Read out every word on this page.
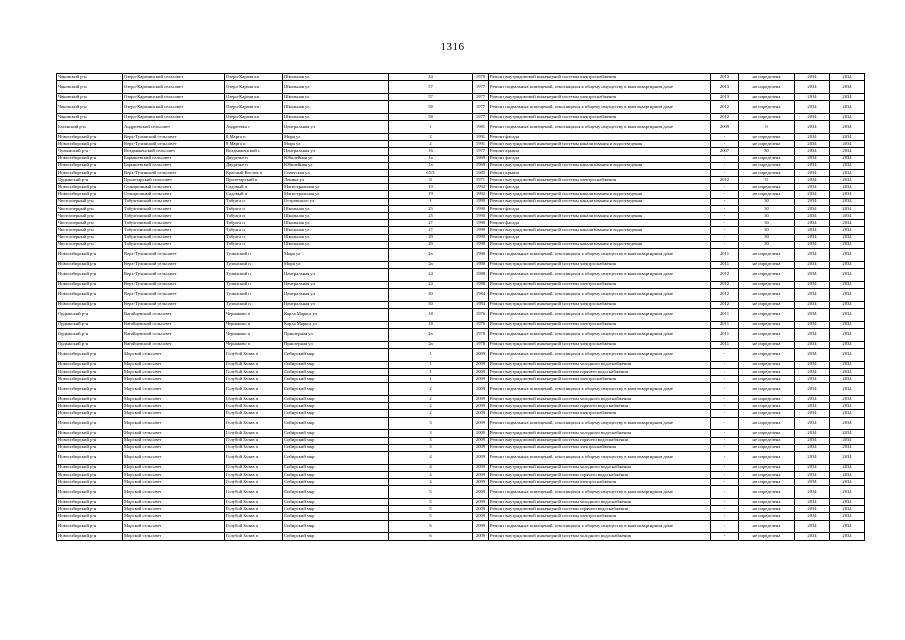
1316
Чановский р-н	Озеро-Карачинский сельсовет	Озеро-Карачи кп	Школьная ул	34	1970	Ремонт внутридомовой инженерной системы электроснабжения	2013	не определена	2034	2034
Чановский р-н	Озеро-Карачинский сельсовет	Озеро-Карачи кп	Школьная ул	57	1977	Ремонт подвальных помещений, относящихся к общему имуществу в многоквартирном доме	2013	не определена	2034	2034
Чановский р-н	Озеро-Карачинский сельсовет	Озеро-Карачи кп	Школьная ул	57	1977	Ремонт внутридомовой инженерной системы электроснабжения	2013	не определена	2034	2034
Чановский р-н	Озеро-Карачинский сельсовет	Озеро-Карачи кп	Школьная ул	58	1977	Ремонт подвальных помещений, относящихся к общему имуществу в многоквартирном доме	2012	не определена	2034	2034
Чановский р-н	Озеро-Карачинский сельсовет	Озеро-Карачи кп	Школьная ул	58	1977	Ремонт внутридомовой инженерной системы электроснабжения	2012	не определена	2034	2034
Баганский р-н	Андреевский сельсовет	Андреевка с	Центральная ул	1	1981	Ремонт подвальных помещений, относящихся к общему имуществу в многоквартирном доме	2009	0	2034	2034
Новосибирский р-н	Верх-Тулинский сельсовет	8 Марта п	Мира ул	2	1991	Ремонт фасада	-	не определена	2034	2034
Новосибирский р-н	Верх-Тулинский сельсовет	8 Марта п	Мира ул	2	1991	Ремонт внутридомовой инженерной системы канализования и водоотведения	-	не определена	2034	2034
Чулымский р-н	Воздвиженский сельсовет	Воздвиженский с	Центральная ул	16	1977	Ремонт крыши	2007	30	2034	2034
Новосибирский р-н	Барышевский сельсовет	Двуречье п	Юбилейная ул	1а	1969	Ремонт фасада	-	не определена	2034	2034
Новосибирский р-н	Барышевский сельсовет	Двуречье п	Юбилейная ул	1а	1969	Ремонт внутридомовой инженерной системы канализования и водоотведения	-	не определена	2034	2034
Новосибирский р-н	Верх-Тулинский сельсовет	Красный Восток п	Советская ул	65/3	1985	Ремонт крыши	-	не определена	2034	2034
Ордынский р-н	Пролетарский сельсовет	Пролетарский п	Ленина ул	8	1971	Ремонт внутридомовой инженерной системы электроснабжения	2012	0	2034	2034
Новосибирский р-н	Станционный сельсовет	Садовый п	Магистральная ул	19	1992	Ремонт фасада	-	не определена	2034	2034
Новосибирский р-н	Станционный сельсовет	Садовый п	Магистральная ул	19	1992	Ремонт внутридомовой инженерной системы канализования и водоотведения	-	не определена	2034	2034
Чистоозерный р-н	Табулгинский сельсовет	Табулга п	Островского ул	1	1990	Ремонт внутридомовой инженерной системы канализования и водоотведения	-	30	2034	2034
Чистоозерный р-н	Табулгинский сельсовет	Табулга п	Школьная ул	25	1990	Ремонт фасада	-	30	2034	2034
Чистоозерный р-н	Табулгинский сельсовет	Табулга п	Школьная ул	25	1990	Ремонт внутридомовой инженерной системы канализования и водоотведения	-	30	2034	2034
Чистоозерный р-н	Табулгинский сельсовет	Табулга п	Школьная ул	27	1990	Ремонт фасада	-	30	2034	2034
Чистоозерный р-н	Табулгинский сельсовет	Табулга п	Школьная ул	27	1990	Ремонт внутридомовой инженерной системы канализования и водоотведения	-	30	2034	2034
Чистоозерный р-н	Табулгинский сельсовет	Табулга п	Школьная ул	29	1990	Ремонт фасада	-	30	2034	2034
Чистоозерный р-н	Табулгинский сельсовет	Табулга п	Школьная ул	29	1990	Ремонт внутридомовой инженерной системы канализования и водоотведения	-	30	2034	2034
Новосибирский р-н	Верх-Тулинский сельсовет	Тулинский п	Мира ул	2а	1980	Ремонт подвальных помещений, относящихся к общему имуществу в многоквартирном доме	2011	не определена	2034	2034
Новосибирский р-н	Верх-Тулинский сельсовет	Тулинский п	Мира ул	2а	1980	Ремонт внутридомовой инженерной системы электроснабжения	2011	не определена	2034	2034
Новосибирский р-н	Верх-Тулинский сельсовет	Тулинский п	Центральная ул	24	1988	Ремонт подвальных помещений, относящихся к общему имуществу в многоквартирном доме	2012	не определена	2034	2034
Новосибирский р-н	Верх-Тулинский сельсовет	Тулинский п	Центральная ул	24	1988	Ремонт внутридомовой инженерной системы электроснабжения	2012	не определена	2034	2034
Новосибирский р-н	Верх-Тулинский сельсовет	Тулинский п	Центральная ул	30	1984	Ремонт подвальных помещений, относящихся к общему имуществу в многоквартирном доме	2012	не определена	2034	2034
Новосибирский р-н	Верх-Тулинский сельсовет	Тулинский п	Центральная ул	30	1984	Ремонт внутридомовой инженерной системы электроснабжения	2012	не определена	2034	2034
Ордынский р-н	Вагайцевский сельсовет	Чернаково п	Карла Маркса ул	18	1976	Ремонт подвальных помещений, относящихся к общему имуществу в многоквартирном доме	2011	не определена	2034	2034
Ордынский р-н	Вагайцевский сельсовет	Чернаково п	Карла Маркса ул	18	1976	Ремонт внутридомовой инженерной системы электроснабжения	2011	не определена	2034	2034
Ордынский р-н	Вагайцевский сельсовет	Чернаково п	Приозерная ул	2а	1978	Ремонт подвальных помещений, относящихся к общему имуществу в многоквартирном доме	2011	не определена	2034	2034
Ордынский р-н	Вагайцевский сельсовет	Чернаково п	Приозерная ул	2а	1978	Ремонт внутридомовой инженерной системы электроснабжения	2011	не определена	2034	2034
Новосибирский р-н	Морской сельсовет	Голубой Залив п	Сибирский мкр	1	2009	Ремонт подвальных помещений, относящихся к общему имуществу в многоквартирном доме	-	не определена	2034	2034
Новосибирский р-н	Морской сельсовет	Голубой Залив п	Сибирский мкр	1	2009	Ремонт внутридомовой инженерной системы холодного водоснабжения	-	не определена	2034	2034
Новосибирский р-н	Морской сельсовет	Голубой Залив п	Сибирский мкр	1	2009	Ремонт внутридомовой инженерной системы горячего водоснабжения	-	не определена	2034	2034
Новосибирский р-н	Морской сельсовет	Голубой Залив п	Сибирский мкр	1	2009	Ремонт внутридомовой инженерной системы электроснабжения	-	не определена	2034	2034
Новосибирский р-н	Морской сельсовет	Голубой Залив п	Сибирский мкр	2	2009	Ремонт подвальных помещений, относящихся к общему имуществу в многоквартирном доме	-	не определена	2034	2034
Новосибирский р-н	Морской сельсовет	Голубой Залив п	Сибирский мкр	2	2009	Ремонт внутридомовой инженерной системы холодного водоснабжения	-	не определена	2034	2034
Новосибирский р-н	Морской сельсовет	Голубой Залив п	Сибирский мкр	2	2009	Ремонт внутридомовой инженерной системы горячего водоснабжения	-	не определена	2034	2034
Новосибирский р-н	Морской сельсовет	Голубой Залив п	Сибирский мкр	2	2009	Ремонт внутридомовой инженерной системы электроснабжения	-	не определена	2034	2034
Новосибирский р-н	Морской сельсовет	Голубой Залив п	Сибирский мкр	3	2009	Ремонт подвальных помещений, относящихся к общему имуществу в многоквартирном доме	-	не определена	2034	2034
Новосибирский р-н	Морской сельсовет	Голубой Залив п	Сибирский мкр	3	2009	Ремонт внутридомовой инженерной системы холодного водоснабжения	-	не определена	2034	2034
Новосибирский р-н	Морской сельсовет	Голубой Залив п	Сибирский мкр	3	2009	Ремонт внутридомовой инженерной системы горячего водоснабжения	-	не определена	2034	2034
Новосибирский р-н	Морской сельсовет	Голубой Залив п	Сибирский мкр	3	2009	Ремонт внутридомовой инженерной системы электроснабжения	-	не определена	2034	2034
Новосибирский р-н	Морской сельсовет	Голубой Залив п	Сибирский мкр	4	2009	Ремонт подвальных помещений, относящихся к общему имуществу в многоквартирном доме	-	не определена	2034	2034
Новосибирский р-н	Морской сельсовет	Голубой Залив п	Сибирский мкр	4	2009	Ремонт внутридомовой инженерной системы холодного водоснабжения	-	не определена	2034	2034
Новосибирский р-н	Морской сельсовет	Голубой Залив п	Сибирский мкр	4	2009	Ремонт внутридомовой инженерной системы горячего водоснабжения	-	не определена	2034	2034
Новосибирский р-н	Морской сельсовет	Голубой Залив п	Сибирский мкр	4	2009	Ремонт внутридомовой инженерной системы электроснабжения	-	не определена	2034	2034
Новосибирский р-н	Морской сельсовет	Голубой Залив п	Сибирский мкр	5	2009	Ремонт подвальных помещений, относящихся к общему имуществу в многоквартирном доме	-	не определена	2034	2034
Новосибирский р-н	Морской сельсовет	Голубой Залив п	Сибирский мкр	5	2009	Ремонт внутридомовой инженерной системы холодного водоснабжения	-	не определена	2034	2034
Новосибирский р-н	Морской сельсовет	Голубой Залив п	Сибирский мкр	5	2009	Ремонт внутридомовой инженерной системы горячего водоснабжения	-	не определена	2034	2034
Новосибирский р-н	Морской сельсовет	Голубой Залив п	Сибирский мкр	5	2009	Ремонт внутридомовой инженерной системы электроснабжения	-	не определена	2034	2034
Новосибирский р-н	Морской сельсовет	Голубой Залив п	Сибирский мкр	6	2009	Ремонт подвальных помещений, относящихся к общему имуществу в многоквартирном доме	-	не определена	2034	2034
Новосибирский р-н	Морской сельсовет	Голубой Залив п	Сибирский мкр	6	2009	Ремонт внутридомовой инженерной системы холодного водоснабжения	-	не определена	2034	2034
